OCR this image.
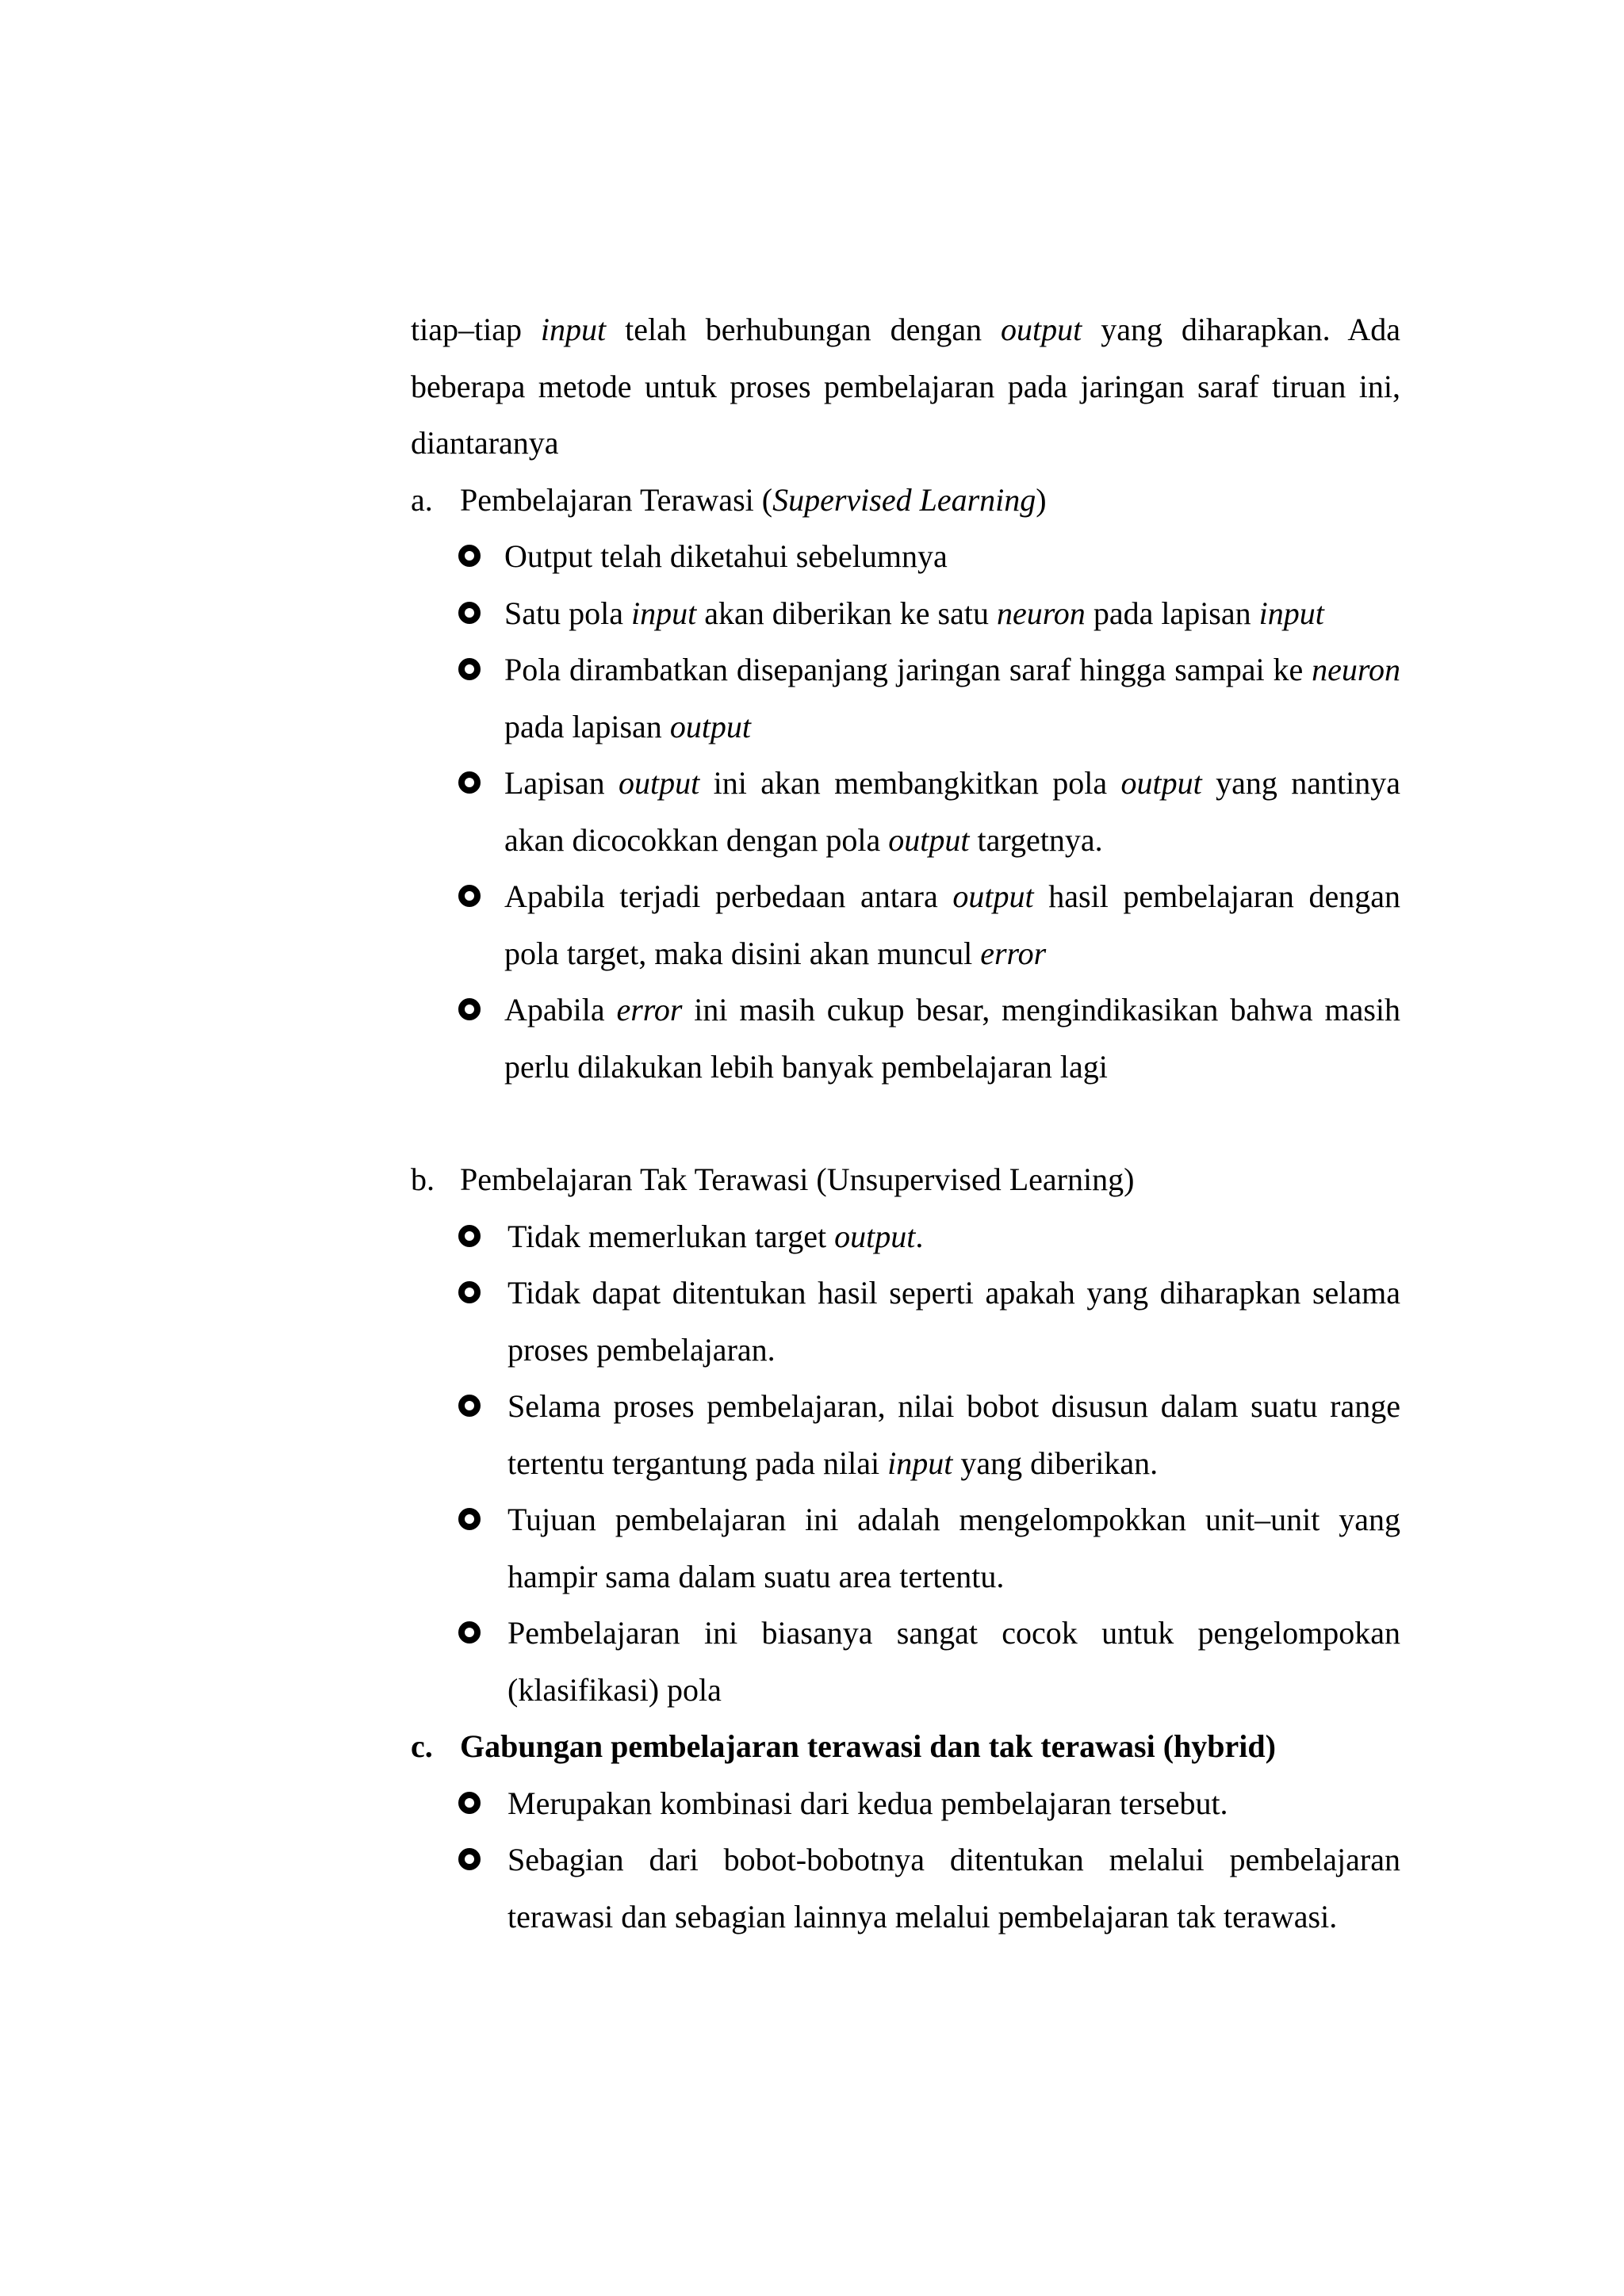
tiap–tiap input telah berhubungan dengan output yang diharapkan. Ada beberapa metode untuk proses pembelajaran pada jaringan saraf tiruan ini, diantaranya

a. Pembelajaran Terawasi (Supervised Learning)
Output telah diketahui sebelumnya
Satu pola input akan diberikan ke satu neuron pada lapisan input
Pola dirambatkan disepanjang jaringan saraf hingga sampai ke neuron pada lapisan output
Lapisan output ini akan membangkitkan pola output yang nantinya akan dicocokkan dengan pola output targetnya.
Apabila terjadi perbedaan antara output hasil pembelajaran dengan pola target, maka disini akan muncul error
Apabila error ini masih cukup besar, mengindikasikan bahwa masih perlu dilakukan lebih banyak pembelajaran lagi
b. Pembelajaran Tak Terawasi (Unsupervised Learning)
Tidak memerlukan target output.
Tidak dapat ditentukan hasil seperti apakah yang diharapkan selama proses pembelajaran.
Selama proses pembelajaran, nilai bobot disusun dalam suatu range tertentu tergantung pada nilai input yang diberikan.
Tujuan pembelajaran ini adalah mengelompokkan unit–unit yang hampir sama dalam suatu area tertentu.
Pembelajaran ini biasanya sangat cocok untuk pengelompokan (klasifikasi) pola
c. Gabungan pembelajaran terawasi dan tak terawasi (hybrid)
Merupakan kombinasi dari kedua pembelajaran tersebut.
Sebagian dari bobot-bobotnya ditentukan melalui pembelajaran terawasi dan sebagian lainnya melalui pembelajaran tak terawasi.
